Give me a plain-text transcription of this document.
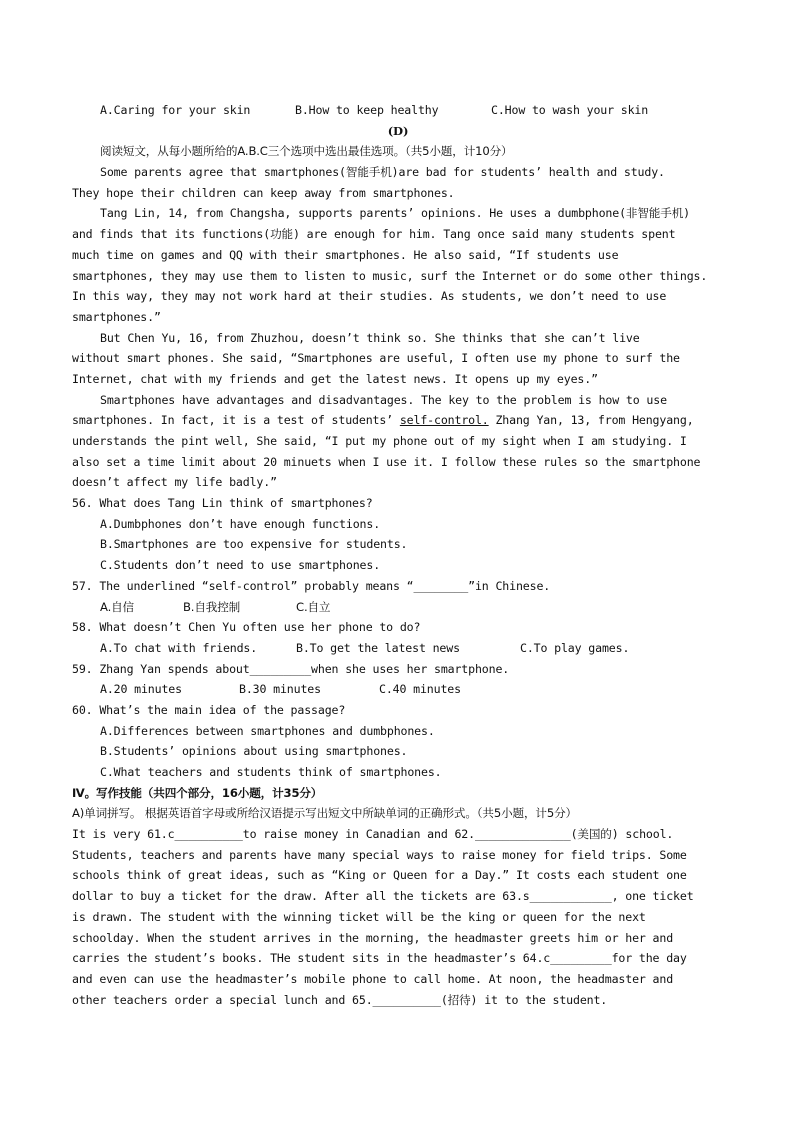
A.Caring for your skin	B.How to keep healthy	C.How to wash your skin
(D)
阅读短文，从每小题所给的A.B.C三个选项中选出最佳选项。（共5小题，计10分）
Some parents agree that smartphones(智能手机)are bad for students’ health and study.
They hope their children can keep away from smartphones.
Tang Lin, 14, from Changsha, supports parents’ opinions. He uses a dumbphone(非智能手机)
and finds that its functions(功能) are enough for him. Tang once said many students spent
much time on games and QQ with their smartphones. He also said, “If students use
smartphones, they may use them to listen to music, surf the Internet or do some other things.
In this way, they may not work hard at their studies. As students, we don’t need to use
smartphones.”
But Chen Yu, 16, from Zhuzhou, doesn’t think so. She thinks that she can’t live
without smart phones. She said, “Smartphones are useful, I often use my phone to surf the
Internet, chat with my friends and get the latest news. It opens up my eyes.”
Smartphones have advantages and disadvantages. The key to the problem is how to use
smartphones. In fact, it is a test of students’ self-control. Zhang Yan, 13, from Hengyang,
understands the pint well, She said, “I put my phone out of my sight when I am studying. I
also set a time limit about 20 minuets when I use it. I follow these rules so the smartphone
doesn’t affect my life badly.”
56. What does Tang Lin think of smartphones?
A.Dumbphones don’t have enough functions.
B.Smartphones are too expensive for students.
C.Students don’t need to use smartphones.
57. The underlined “self-control” probably means “________”in Chinese.
A.自信	B.自我控制	C.自立
58. What doesn’t Chen Yu often use her phone to do?
A.To chat with friends.	B.To get the latest news	C.To play games.
59. Zhang Yan spends about_________when she uses her smartphone.
A.20 minutes	B.30 minutes	C.40 minutes
60. What’s the main idea of the passage?
A.Differences between smartphones and dumbphones.
B.Students’ opinions about using smartphones.
C.What teachers and students think of smartphones.
Ⅳ。写作技能（共四个部分，16小题，计35分）
A)单词拼写。 根据英语首字母或所给汉语提示写出短文中所缺单词的正确形式。（共5小题，计5分）
It is very 61.c__________to raise money in Canadian and 62.______________(美国的) school.
Students, teachers and parents have many special ways to raise money for field trips. Some
schools think of great ideas, such as “King or Queen for a Day.” It costs each student one
dollar to buy a ticket for the draw. After all the tickets are 63.s____________, one ticket
is drawn. The student with the winning ticket will be the king or queen for the next
schoolday. When the student arrives in the morning, the headmaster greets him or her and
carries the student’s books. THe student sits in the headmaster’s 64.c_________for the day
and even can use the headmaster’s mobile phone to call home. At noon, the headmaster and
other teachers order a special lunch and 65.__________(招待) it to the student.
